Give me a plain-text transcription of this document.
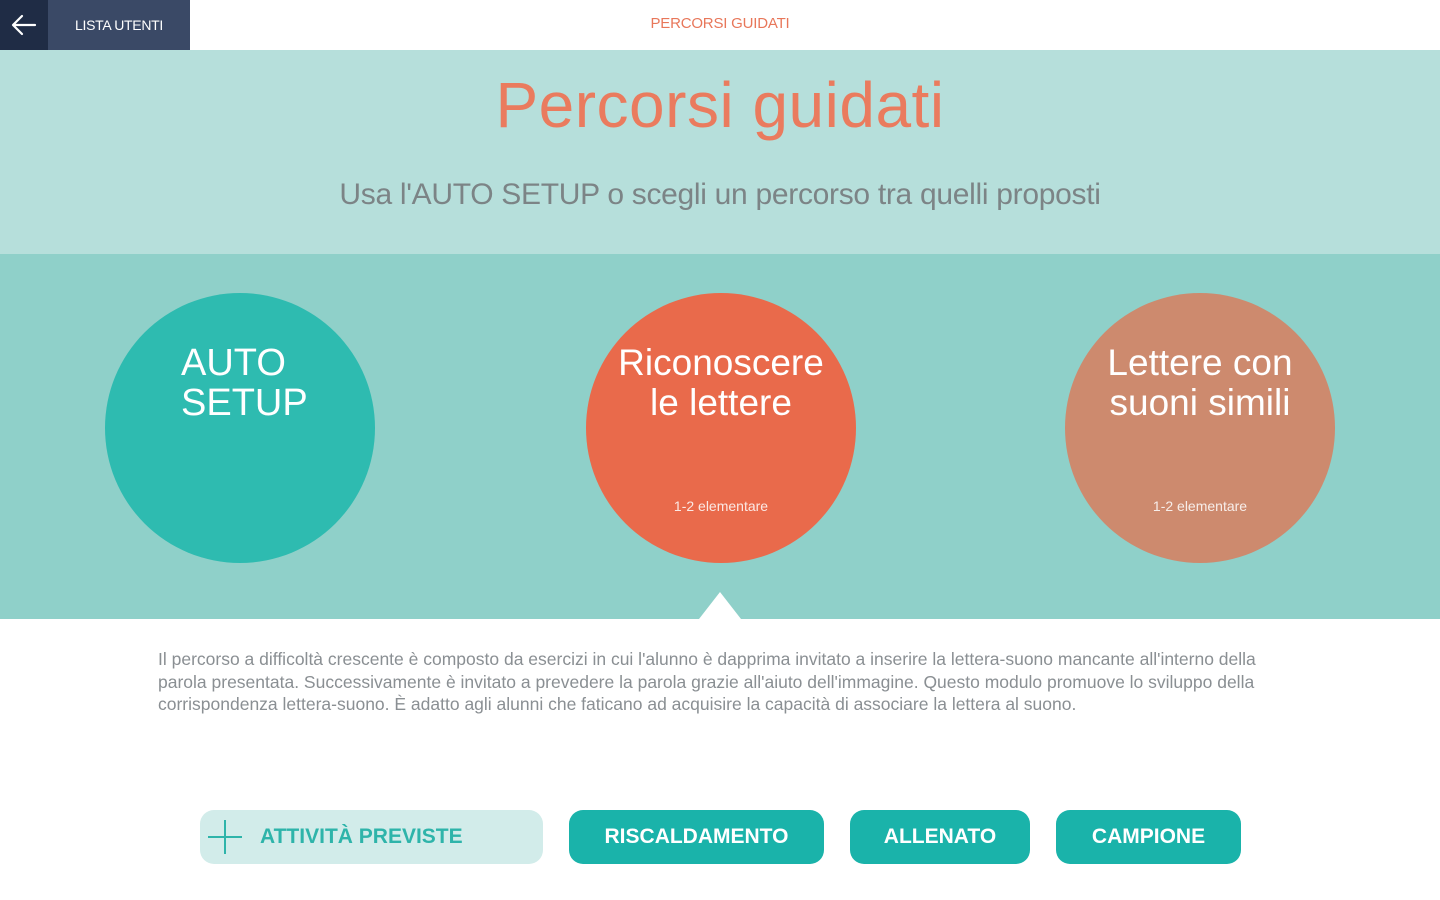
LISTA UTENTI	PERCORSI GUIDATI
Percorsi guidati
Usa l'AUTO SETUP o scegli un percorso tra quelli proposti
AUTO
SETUP
Riconoscere
le lettere
1-2 elementare
Lettere con
suoni simili
1-2 elementare
Il percorso a difficoltà crescente è composto da esercizi in cui l'alunno è dapprima invitato a inserire la lettera-suono mancante all'interno della parola presentata. Successivamente è invitato a prevedere la parola grazie all'aiuto dell'immagine. Questo modulo promuove lo sviluppo della corrispondenza lettera-suono. È adatto agli alunni che faticano ad acquisire la capacità di associare la lettera al suono.
ATTIVITÀ PREVISTE	RISCALDAMENTO	ALLENATO	CAMPIONE
